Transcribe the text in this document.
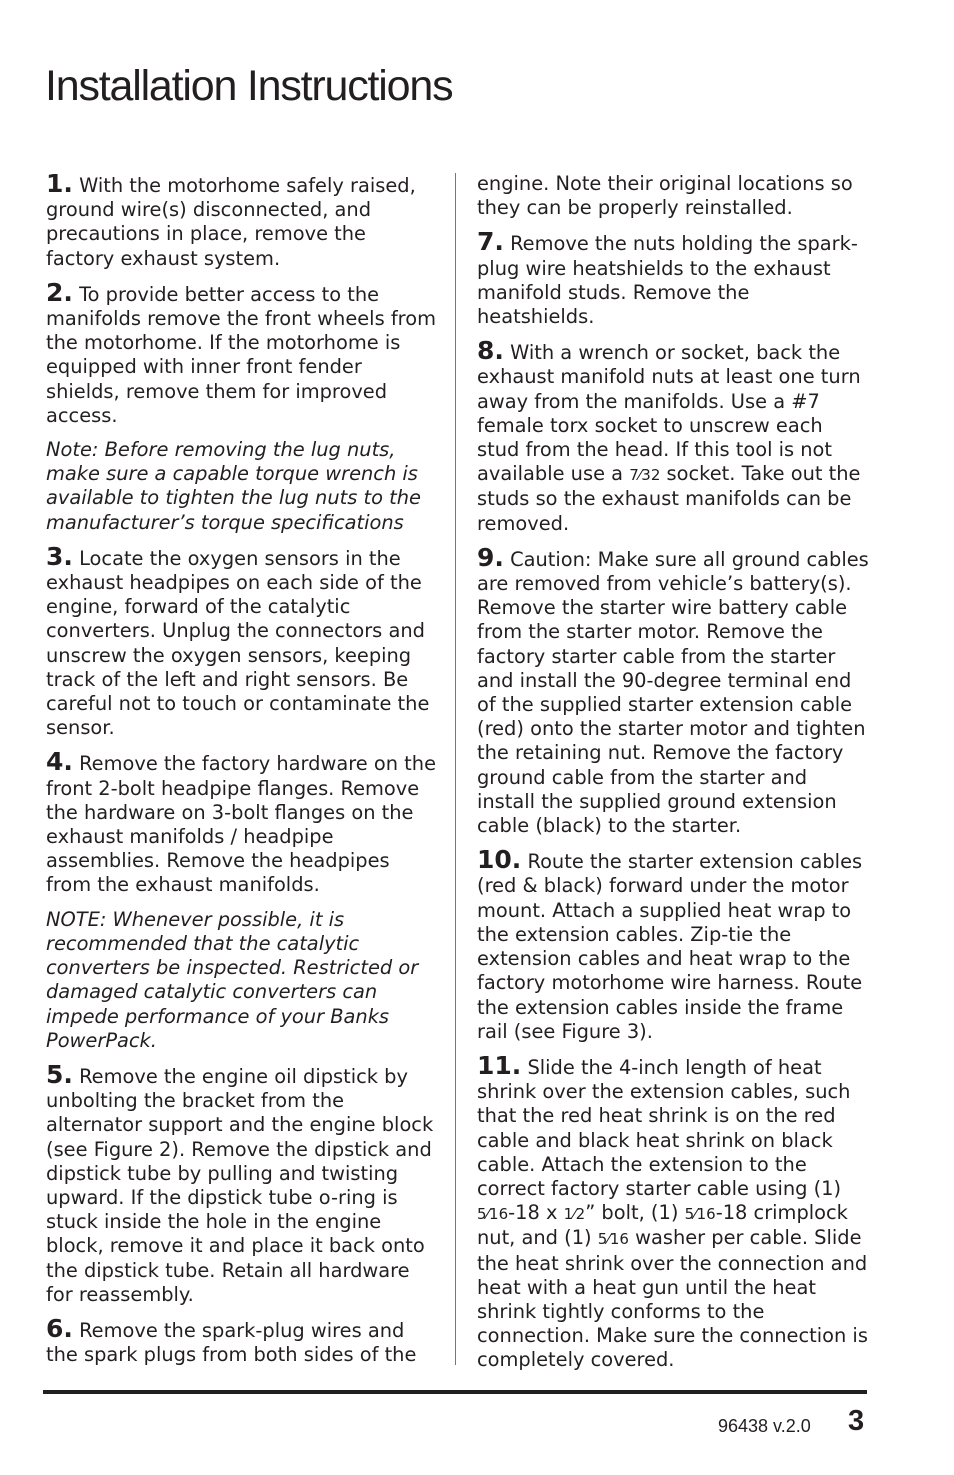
Installation Instructions

1. With the motorhome safely raised, ground wire(s) disconnected, and precautions in place, remove the factory exhaust system.

2. To provide better access to the manifolds remove the front wheels from the motorhome. If the motorhome is equipped with inner front fender shields, remove them for improved access.

Note: Before removing the lug nuts, make sure a capable torque wrench is available to tighten the lug nuts to the manufacturer’s torque specifications

3. Locate the oxygen sensors in the exhaust headpipes on each side of the engine, forward of the catalytic converters. Unplug the connectors and unscrew the oxygen sensors, keeping track of the left and right sensors. Be careful not to touch or contaminate the sensor.

4. Remove the factory hardware on the front 2-bolt headpipe flanges. Remove the hardware on 3-bolt flanges on the exhaust manifolds / headpipe assemblies. Remove the headpipes from the exhaust manifolds.

NOTE: Whenever possible, it is recommended that the catalytic converters be inspected. Restricted or damaged catalytic converters can impede performance of your Banks PowerPack.

5. Remove the engine oil dipstick by unbolting the bracket from the alternator support and the engine block (see Figure 2). Remove the dipstick and dipstick tube by pulling and twisting upward. If the dipstick tube o-ring is stuck inside the hole in the engine block, remove it and place it back onto the dipstick tube. Retain all hardware for reassembly.

6. Remove the spark-plug wires and the spark plugs from both sides of the

engine. Note their original locations so they can be properly reinstalled.

7. Remove the nuts holding the spark-plug wire heatshields to the exhaust manifold studs. Remove the heatshields.

8. With a wrench or socket, back the exhaust manifold nuts at least one turn away from the manifolds. Use a #7 female torx socket to unscrew each stud from the head. If this tool is not available use a 7⁄32 socket. Take out the studs so the exhaust manifolds can be removed.

9. Caution: Make sure all ground cables are removed from vehicle’s battery(s). Remove the starter wire battery cable from the starter motor. Remove the factory starter cable from the starter and install the 90-degree terminal end of the supplied starter extension cable (red) onto the starter motor and tighten the retaining nut. Remove the factory ground cable from the starter and install the supplied ground extension cable (black) to the starter.

10. Route the starter extension cables (red & black) forward under the motor mount. Attach a supplied heat wrap to the extension cables. Zip-tie the extension cables and heat wrap to the factory motorhome wire harness. Route the extension cables inside the frame rail (see Figure 3).

11. Slide the 4-inch length of heat shrink over the extension cables, such that the red heat shrink is on the red cable and black heat shrink on black cable. Attach the extension to the correct factory starter cable using (1) 5⁄16-18 x 1⁄2” bolt, (1) 5⁄16-18 crimplock nut, and (1) 5⁄16 washer per cable. Slide the heat shrink over the connection and heat with a heat gun until the heat shrink tightly conforms to the connection. Make sure the connection is completely covered.

96438 v.2.0 3
